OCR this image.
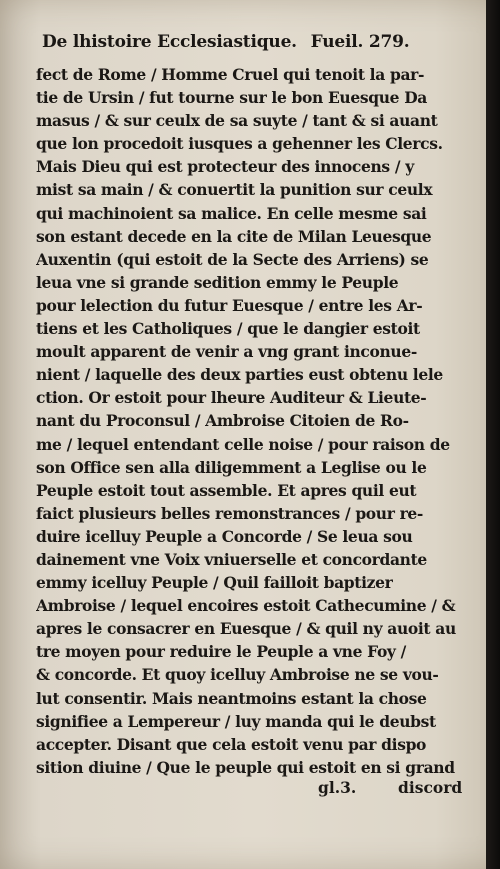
De lhistoire Ecclesiastique. Fueil. 279.
fect de Rome / Homme Cruel qui tenoit la par-
tie de Ursin / fut tourne sur le bon Euesque Da
masus / & sur ceulx de sa suyte / tant & si auant
que lon procedoit iusques a gehenner les Clercs.
Mais Dieu qui est protecteur des innocens / y
mist sa main / & conuertit la punition sur ceulx
qui machinoient sa malice. En celle mesme sai
son estant decede en la cite de Milan Leuesque
Auxentin (qui estoit de la Secte des Arriens) se
leua vne si grande sedition emmy le Peuple
pour lelection du futur Euesque / entre les Ar-
tiens et les Catholiques / que le dangier estoit
moult apparent de venir a vng grant inconue-
nient / laquelle des deux parties eust obtenu lele
ction. Or estoit pour lheure Auditeur & Lieute-
nant du Proconsul / Ambroise Citoien de Ro-
me / lequel entendant celle noise / pour raison de
son Office sen alla diligemment a Leglise ou le
Peuple estoit tout assemble. Et apres quil eut
faict plusieurs belles remonstrances / pour re-
duire icelluy Peuple a Concorde / Se leua sou
dainement vne Voix vniuerselle et concordante
emmy icelluy Peuple / Quil failloit baptizer
Ambroise / lequel encoires estoit Cathecumine / &
apres le consacrer en Euesque / & quil ny auoit au
tre moyen pour reduire le Peuple a vne Foy /
& concorde. Et quoy icelluy Ambroise ne se vou-
lut consentir. Mais neantmoins estant la chose
signifiee a Lempereur / luy manda qui le deubst
accepter. Disant que cela estoit venu par dispo
sition diuine / Que le peuple qui estoit en si grand
gl.3.	discord
